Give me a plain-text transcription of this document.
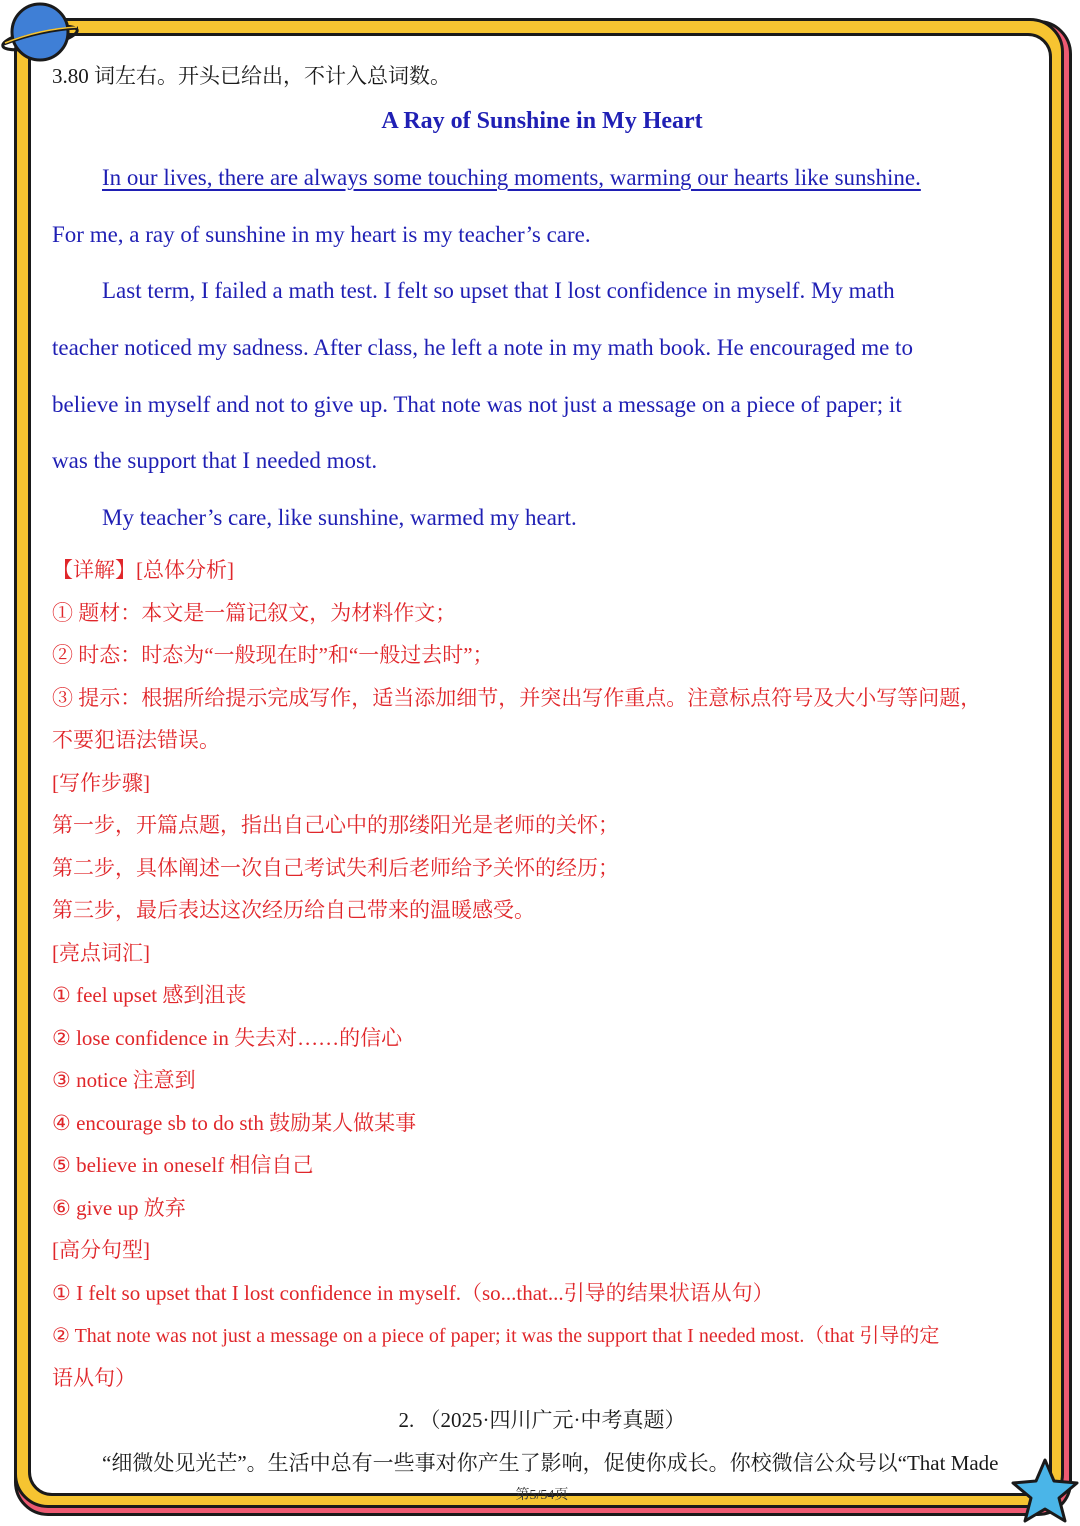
3.80 词左右。开头已给出，不计入总词数。
A Ray of Sunshine in My Heart
In our lives, there are always some touching moments, warming our hearts like sunshine.
For me, a ray of sunshine in my heart is my teacher’s care.
Last term, I failed a math test. I felt so upset that I lost confidence in myself. My math
teacher noticed my sadness. After class, he left a note in my math book. He encouraged me to
believe in myself and not to give up. That note was not just a message on a piece of paper; it
was the support that I needed most.
My teacher’s care, like sunshine, warmed my heart.
【详解】[总体分析]
① 题材：本文是一篇记叙文，为材料作文；
② 时态：时态为“一般现在时”和“一般过去时”；
③ 提示：根据所给提示完成写作，适当添加细节，并突出写作重点。注意标点符号及大小写等问题，
不要犯语法错误。
[写作步骤]
第一步，开篇点题，指出自己心中的那缕阳光是老师的关怀；
第二步，具体阐述一次自己考试失利后老师给予关怀的经历；
第三步，最后表达这次经历给自己带来的温暖感受。
[亮点词汇]
① feel upset 感到沮丧
② lose confidence in 失去对……的信心
③ notice 注意到
④ encourage sb to do sth 鼓励某人做某事
⑤ believe in oneself 相信自己
⑥ give up 放弃
[高分句型]
① I felt so upset that I lost confidence in myself.（so...that...引导的结果状语从句）
② That note was not just a message on a piece of paper; it was the support that I needed most.（that 引导的定
语从句）
2. （2025·四川广元·中考真题）
“细微处见光芒”。生活中总有一些事对你产生了影响，促使你成长。你校微信公众号以“That Made
第5/54页
